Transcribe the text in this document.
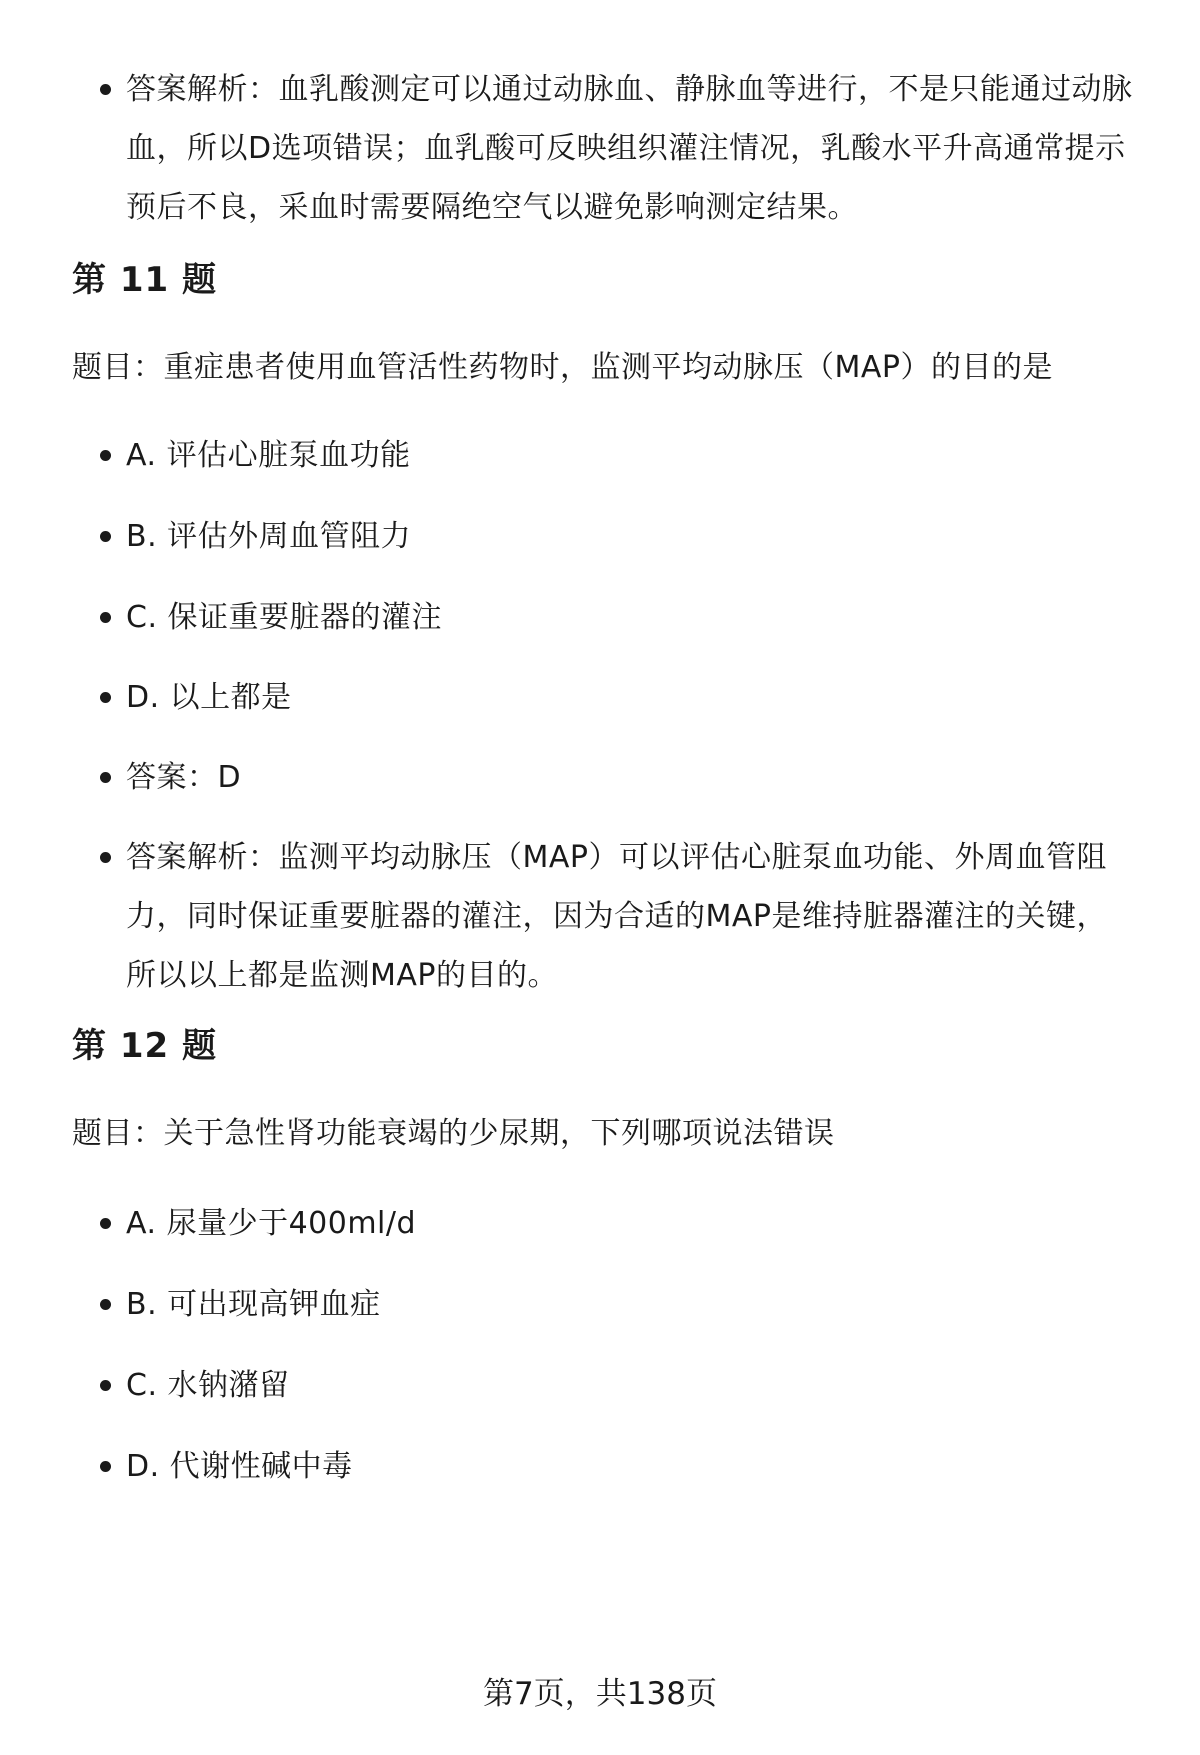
答案解析：血乳酸测定可以通过动脉血、静脉血等进行，不是只能通过动脉血，所以D选项错误；血乳酸可反映组织灌注情况，乳酸水平升高通常提示预后不良，采血时需要隔绝空气以避免影响测定结果。
第 11 题
题目：重症患者使用血管活性药物时，监测平均动脉压（MAP）的目的是
A. 评估心脏泵血功能
B. 评估外周血管阻力
C. 保证重要脏器的灌注
D. 以上都是
答案：D
答案解析：监测平均动脉压（MAP）可以评估心脏泵血功能、外周血管阻力，同时保证重要脏器的灌注，因为合适的MAP是维持脏器灌注的关键，所以以上都是监测MAP的目的。
第 12 题
题目：关于急性肾功能衰竭的少尿期，下列哪项说法错误
A. 尿量少于400ml/d
B. 可出现高钾血症
C. 水钠潴留
D. 代谢性碱中毒
第7页，共138页
